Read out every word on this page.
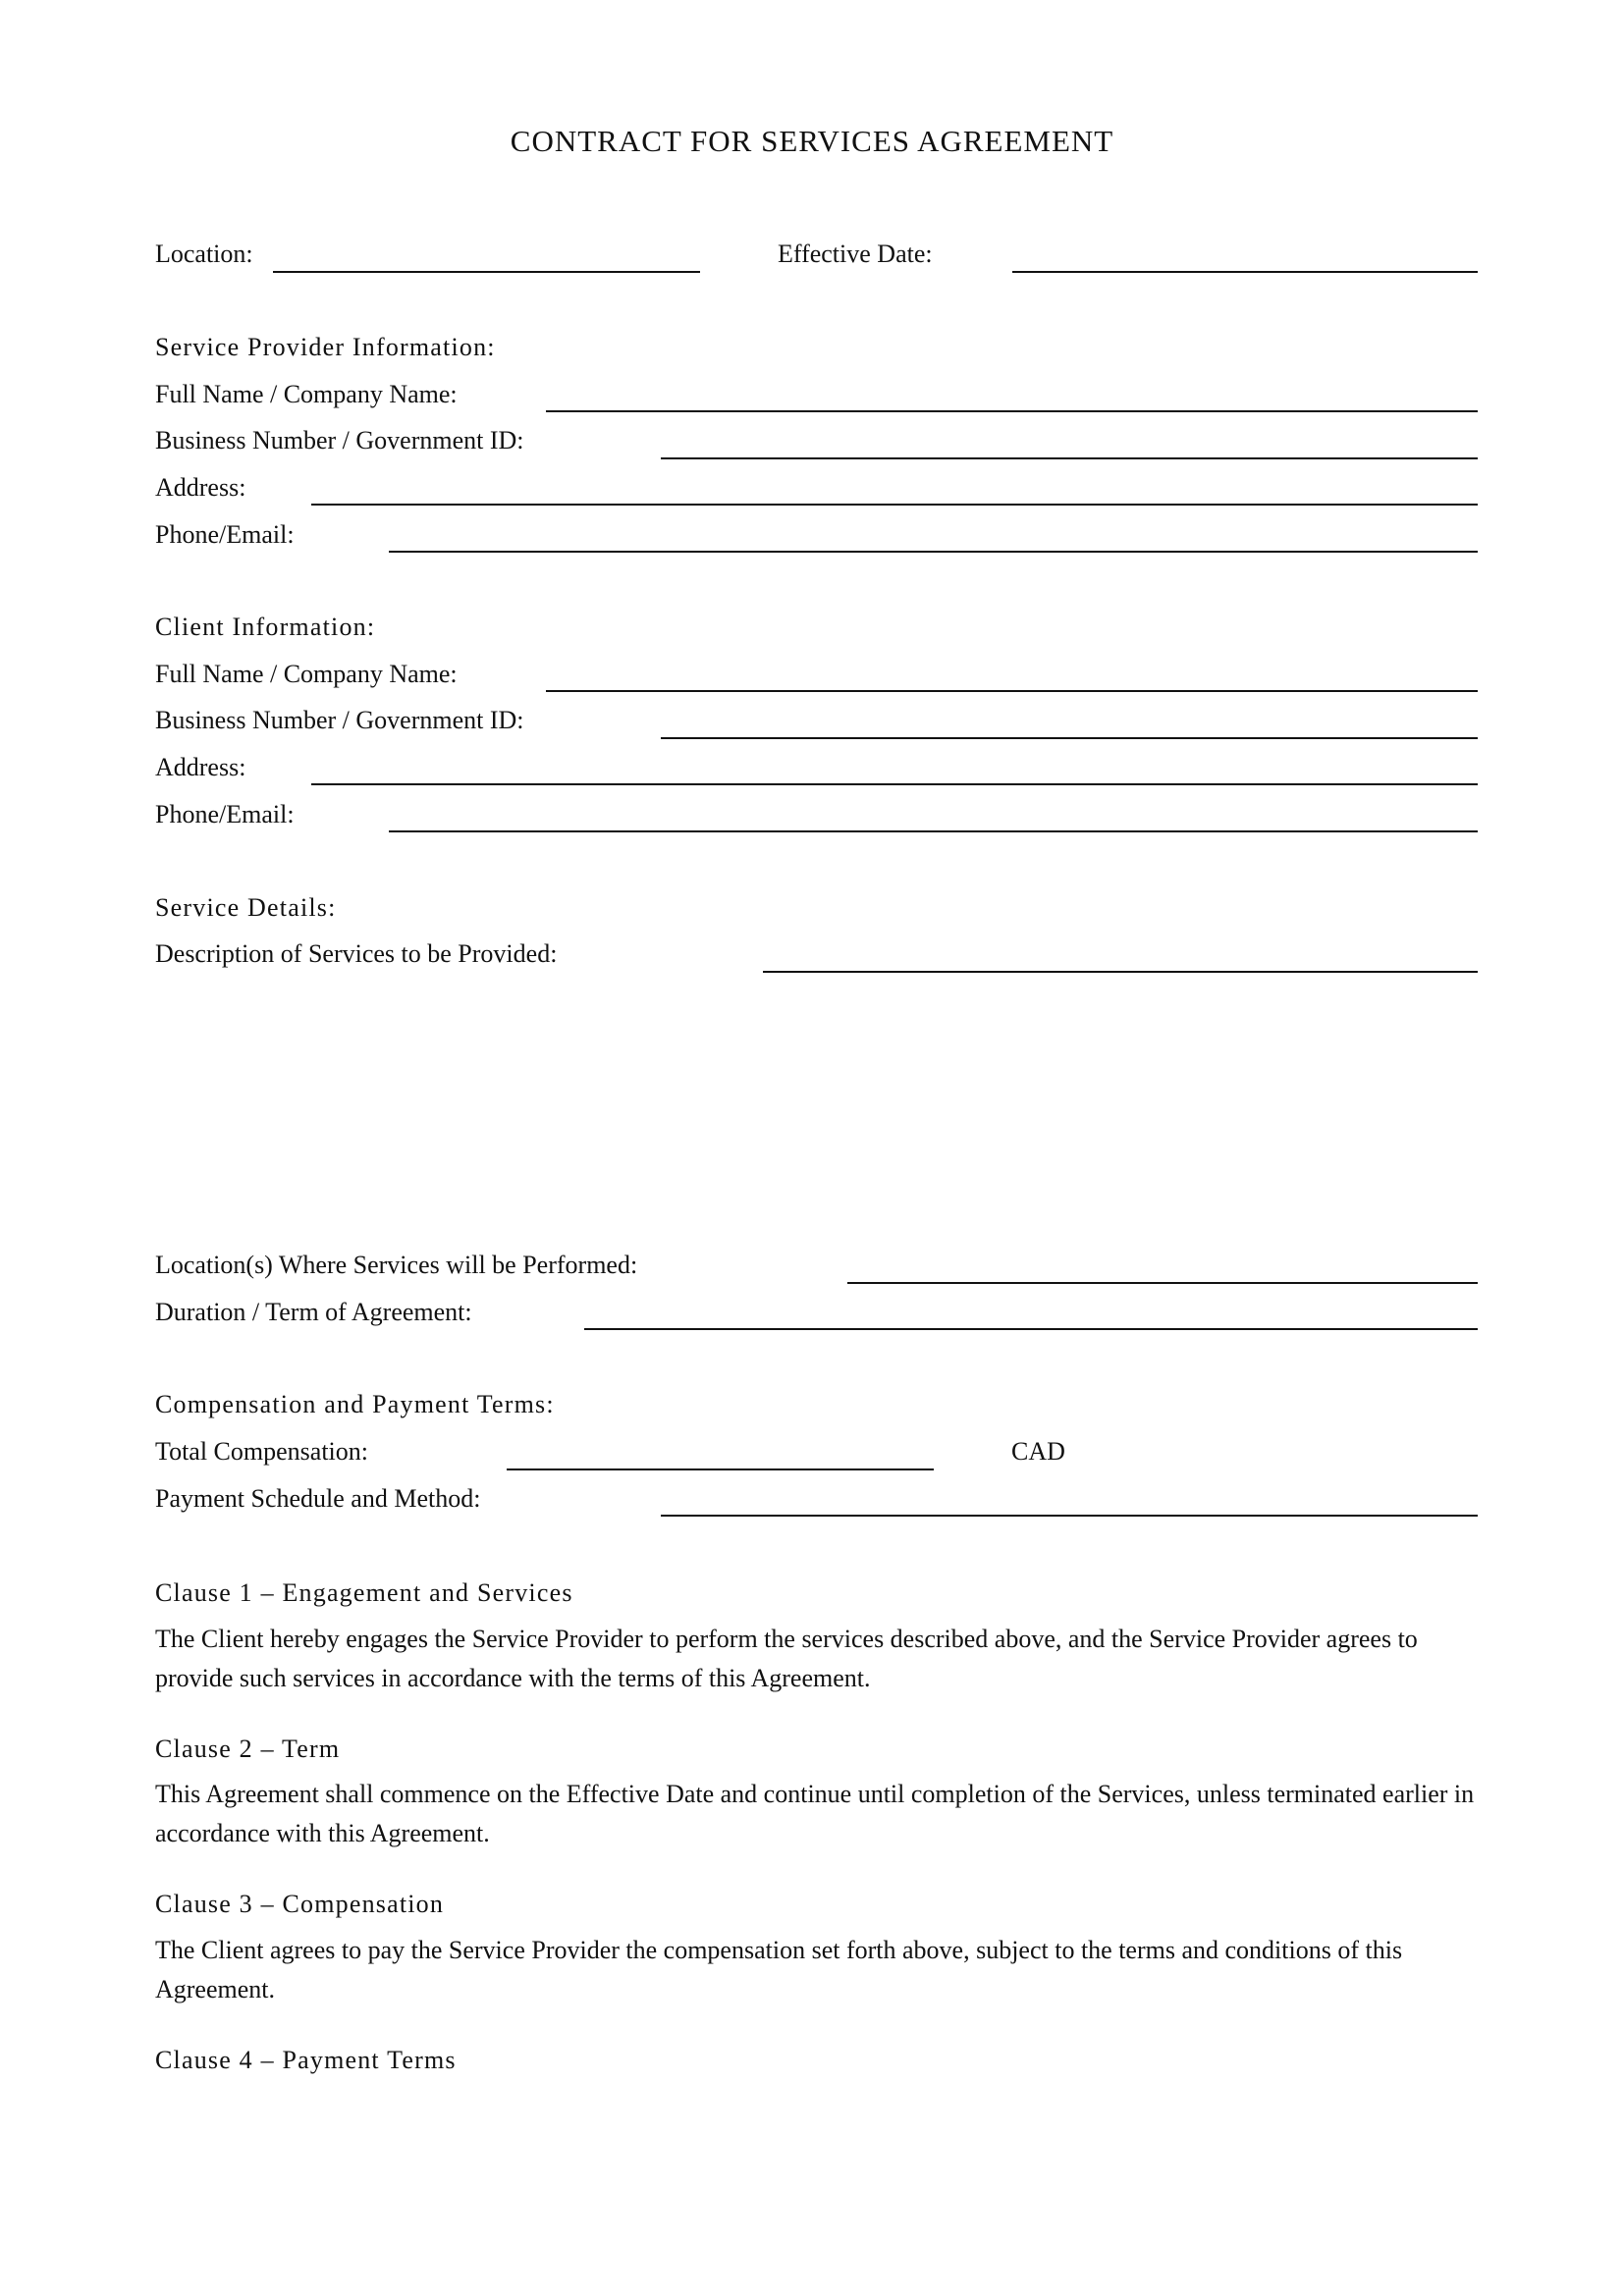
CONTRACT FOR SERVICES AGREEMENT
Location:	Effective Date:
Service Provider Information:
Full Name / Company Name:
Business Number / Government ID:
Address:
Phone/Email:
Client Information:
Full Name / Company Name:
Business Number / Government ID:
Address:
Phone/Email:
Service Details:
Description of Services to be Provided:
Location(s) Where Services will be Performed:
Duration / Term of Agreement:
Compensation and Payment Terms:
Total Compensation:	CAD
Payment Schedule and Method:
Clause 1 – Engagement and Services
The Client hereby engages the Service Provider to perform the services described above, and the Service Provider agrees to provide such services in accordance with the terms of this Agreement.
Clause 2 – Term
This Agreement shall commence on the Effective Date and continue until completion of the Services, unless terminated earlier in accordance with this Agreement.
Clause 3 – Compensation
The Client agrees to pay the Service Provider the compensation set forth above, subject to the terms and conditions of this Agreement.
Clause 4 – Payment Terms
